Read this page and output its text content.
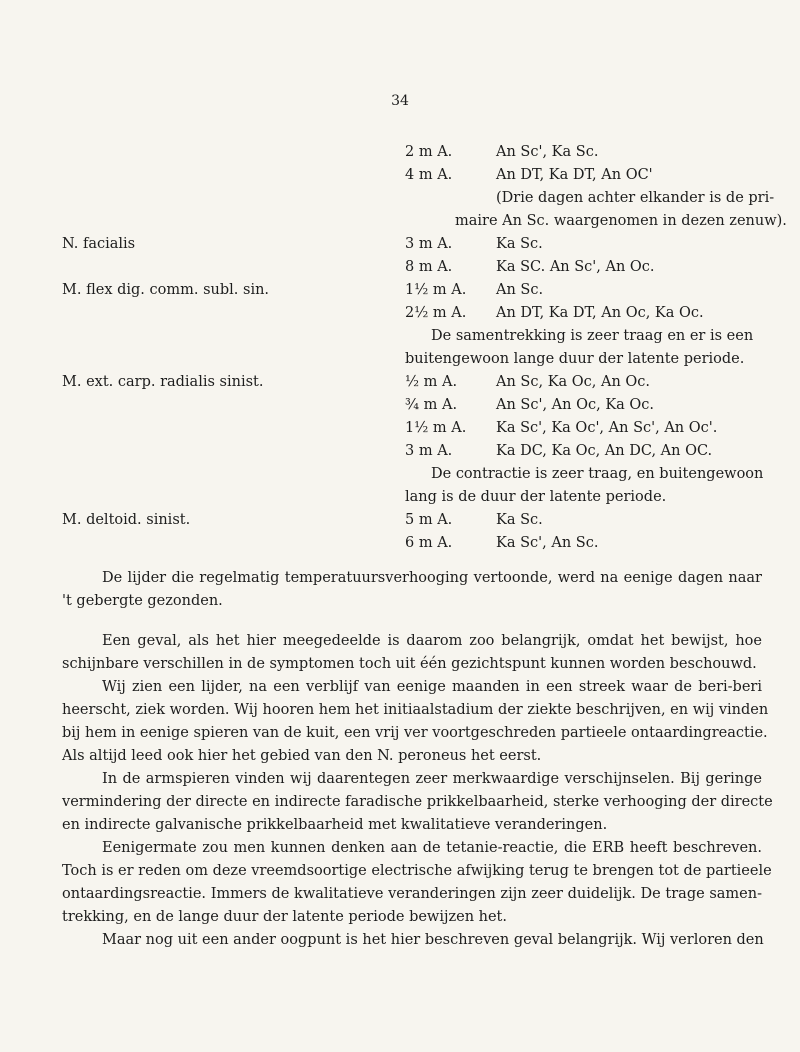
34
2 m A.	An Sc', Ka Sc.
4 m A.	An DT, Ka DT, An OC'
(Drie dagen achter elkander is de pri-
maire An Sc. waargenomen in dezen zenuw).
N. facialis	3 m A.	Ka Sc.
8 m A.	Ka SC. An Sc', An Oc.
M. flex dig. comm. subl. sin.	1½ m A. An Sc.
2½ m A. An DT, Ka DT, An Oc, Ka Oc.
De samentrekking is zeer traag en er is een
buitengewoon lange duur der latente periode.
M. ext. carp. radialis sinist.	½ m A.	An Sc, Ka Oc, An Oc.
¾ m A.	An Sc', An Oc, Ka Oc.
1½ m A. Ka Sc', Ka Oc', An Sc', An Oc'.
3 m A.	Ka DC, Ka Oc, An DC, An OC.
De contractie is zeer traag, en buitengewoon
lang is de duur der latente periode.
M. deltoid. sinist.	5 m A.	Ka Sc.
6 m A.	Ka Sc', An Sc.
De lijder die regelmatig temperatuursverhooging vertoonde, werd na eenige dagen naar
't gebergte gezonden.
Een geval, als het hier meegedeelde is daarom zoo belangrijk, omdat het bewijst, hoe
schijnbare verschillen in de symptomen toch uit één gezichtspunt kunnen worden beschouwd.
Wij zien een lijder, na een verblijf van eenige maanden in een streek waar de beri-beri
heerscht, ziek worden. Wij hooren hem het initiaalstadium der ziekte beschrijven, en wij vinden
bij hem in eenige spieren van de kuit, een vrij ver voortgeschreden partieele ontaardingreactie.
Als altijd leed ook hier het gebied van den N. peroneus het eerst.
In de armspieren vinden wij daarentegen zeer merkwaardige verschijnselen. Bij geringe
vermindering der directe en indirecte faradische prikkelbaarheid, sterke verhooging der directe
en indirecte galvanische prikkelbaarheid met kwalitatieve veranderingen.
Eenigermate zou men kunnen denken aan de tetanie-reactie, die ERB heeft beschreven.
Toch is er reden om deze vreemdsoortige electrische afwijking terug te brengen tot de partieele
ontaardingsreactie. Immers de kwalitatieve veranderingen zijn zeer duidelijk. De trage samen-
trekking, en de lange duur der latente periode bewijzen het.
Maar nog uit een ander oogpunt is het hier beschreven geval belangrijk. Wij verloren den
